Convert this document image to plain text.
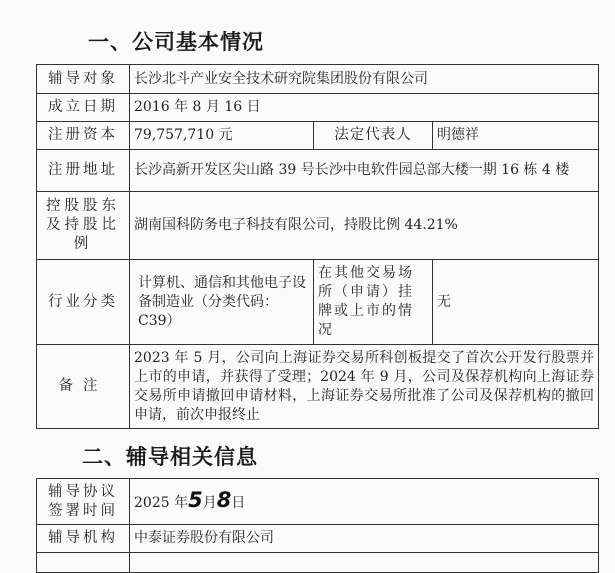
一、公司基本情况
辅导对象	长沙北斗产业安全技术研究院集团股份有限公司		
成立日期	2016 年 8 月 16 日		
注册资本	79,757,710 元	法定代表人	明德祥
注册地址	长沙高新开发区尖山路 39 号长沙中电软件园总部大楼一期 16 栋 4 楼		
控股股东及持股比例	湖南国科防务电子科技有限公司，持股比例 44.21%		
行业分类	计算机、通信和其他电子设备制造业（分类代码：C39）	在其他交易场所（申请）挂牌或上市的情况	无
备注	2023 年 5 月，公司向上海证券交易所科创板提交了首次公开发行股票并上市的申请，并获得了受理；2024 年 9 月，公司及保荐机构向上海证券交易所申请撤回申请材料，上海证券交易所批准了公司及保荐机构的撤回申请，前次申报终止		
二、辅导相关信息
辅导协议签署时间	2025 年5月8日
辅导机构	中泰证券股份有限公司
